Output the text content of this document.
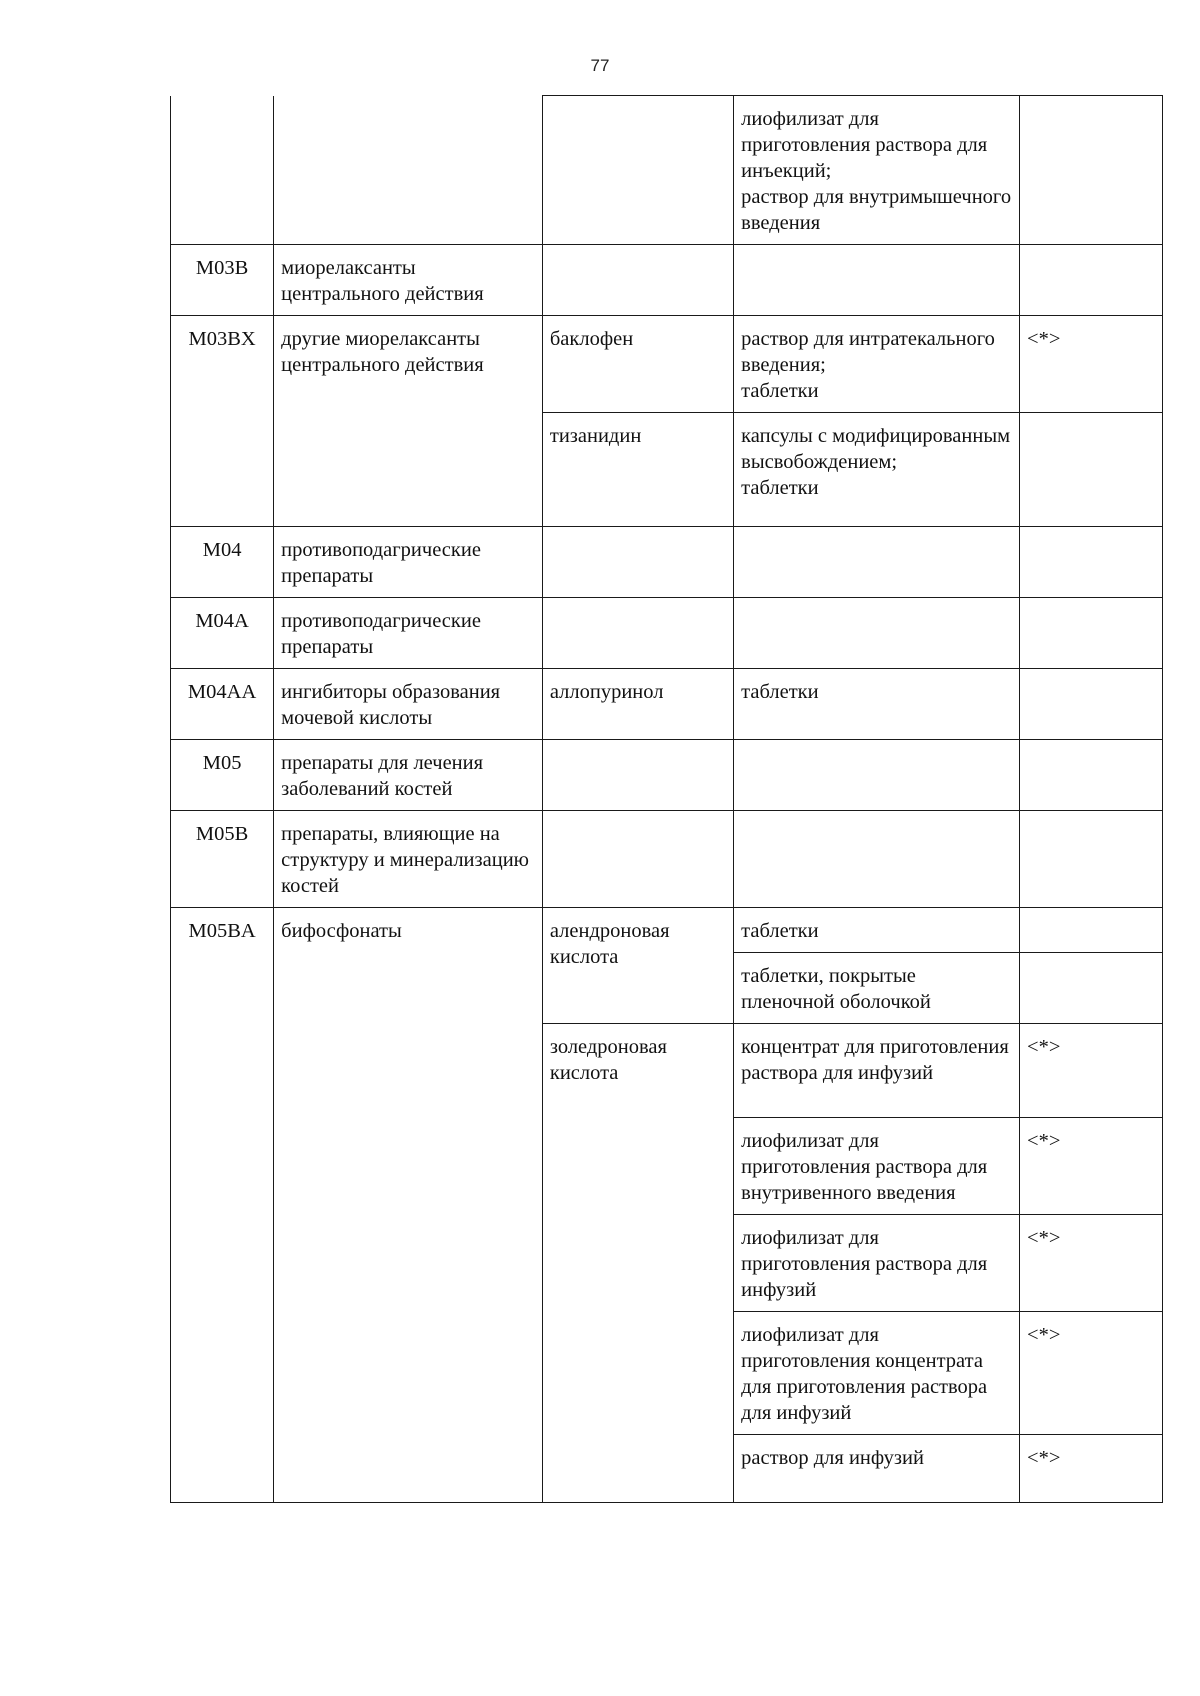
77
			лиофилизат для приготовления раствора для инъекций;
раствор для внутримышечного введения	
M03B	миорелаксанты центрального действия			
M03BX	другие миорелаксанты центрального действия	баклофен	раствор для интратекального введения;
таблетки	<*>
		тизанидин	капсулы с модифицированным высвобождением;
таблетки	
M04	противоподагрические препараты			
M04A	противоподагрические препараты			
M04AA	ингибиторы образования мочевой кислоты	аллопуринол	таблетки	
M05	препараты для лечения заболеваний костей			
M05B	препараты, влияющие на структуру и минерализацию костей			
M05BA	бифосфонаты	алендроновая кислота	таблетки	
			таблетки, покрытые пленочной оболочкой	
		золедроновая кислота	концентрат для приготовления раствора для инфузий	<*>
			лиофилизат для приготовления раствора для внутривенного введения	<*>
			лиофилизат для приготовления раствора для инфузий	<*>
			лиофилизат для приготовления концентрата для приготовления раствора для инфузий	<*>
			раствор для инфузий	<*>
